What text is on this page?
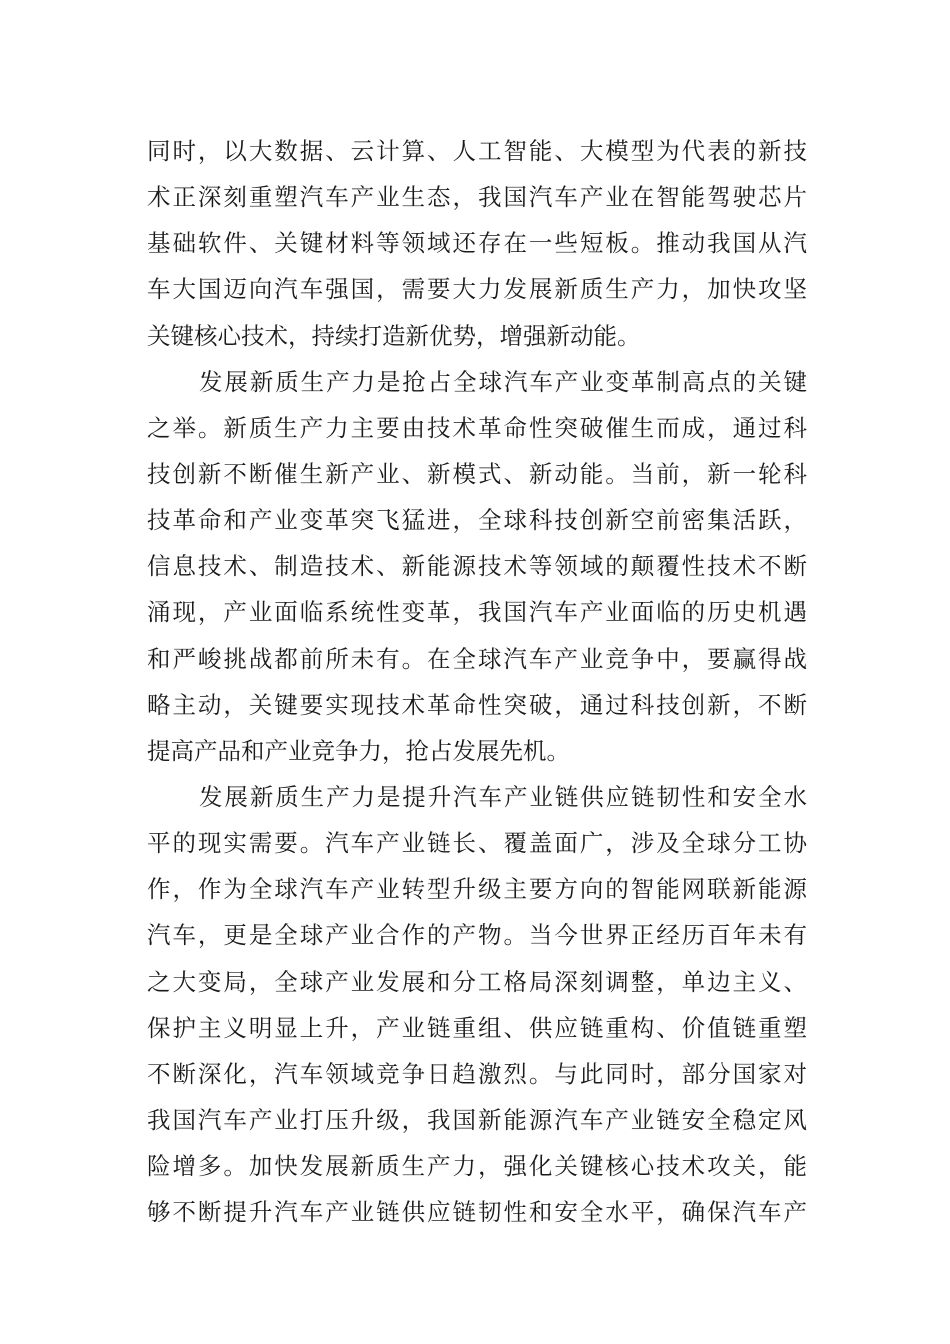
同时，以大数据、云计算、人工智能、大模型为代表的新技
术正深刻重塑汽车产业生态，我国汽车产业在智能驾驶芯片
基础软件、关键材料等领域还存在一些短板。推动我国从汽
车大国迈向汽车强国，需要大力发展新质生产力，加快攻坚
关键核心技术，持续打造新优势，增强新动能。
发展新质生产力是抢占全球汽车产业变革制高点的关键
之举。新质生产力主要由技术革命性突破催生而成，通过科
技创新不断催生新产业、新模式、新动能。当前，新一轮科
技革命和产业变革突飞猛进，全球科技创新空前密集活跃，
信息技术、制造技术、新能源技术等领域的颠覆性技术不断
涌现，产业面临系统性变革，我国汽车产业面临的历史机遇
和严峻挑战都前所未有。在全球汽车产业竞争中，要赢得战
略主动，关键要实现技术革命性突破，通过科技创新，不断
提高产品和产业竞争力，抢占发展先机。
发展新质生产力是提升汽车产业链供应链韧性和安全水
平的现实需要。汽车产业链长、覆盖面广，涉及全球分工协
作，作为全球汽车产业转型升级主要方向的智能网联新能源
汽车，更是全球产业合作的产物。当今世界正经历百年未有
之大变局，全球产业发展和分工格局深刻调整，单边主义、
保护主义明显上升，产业链重组、供应链重构、价值链重塑
不断深化，汽车领域竞争日趋激烈。与此同时，部分国家对
我国汽车产业打压升级，我国新能源汽车产业链安全稳定风
险增多。加快发展新质生产力，强化关键核心技术攻关，能
够不断提升汽车产业链供应链韧性和安全水平，确保汽车产
